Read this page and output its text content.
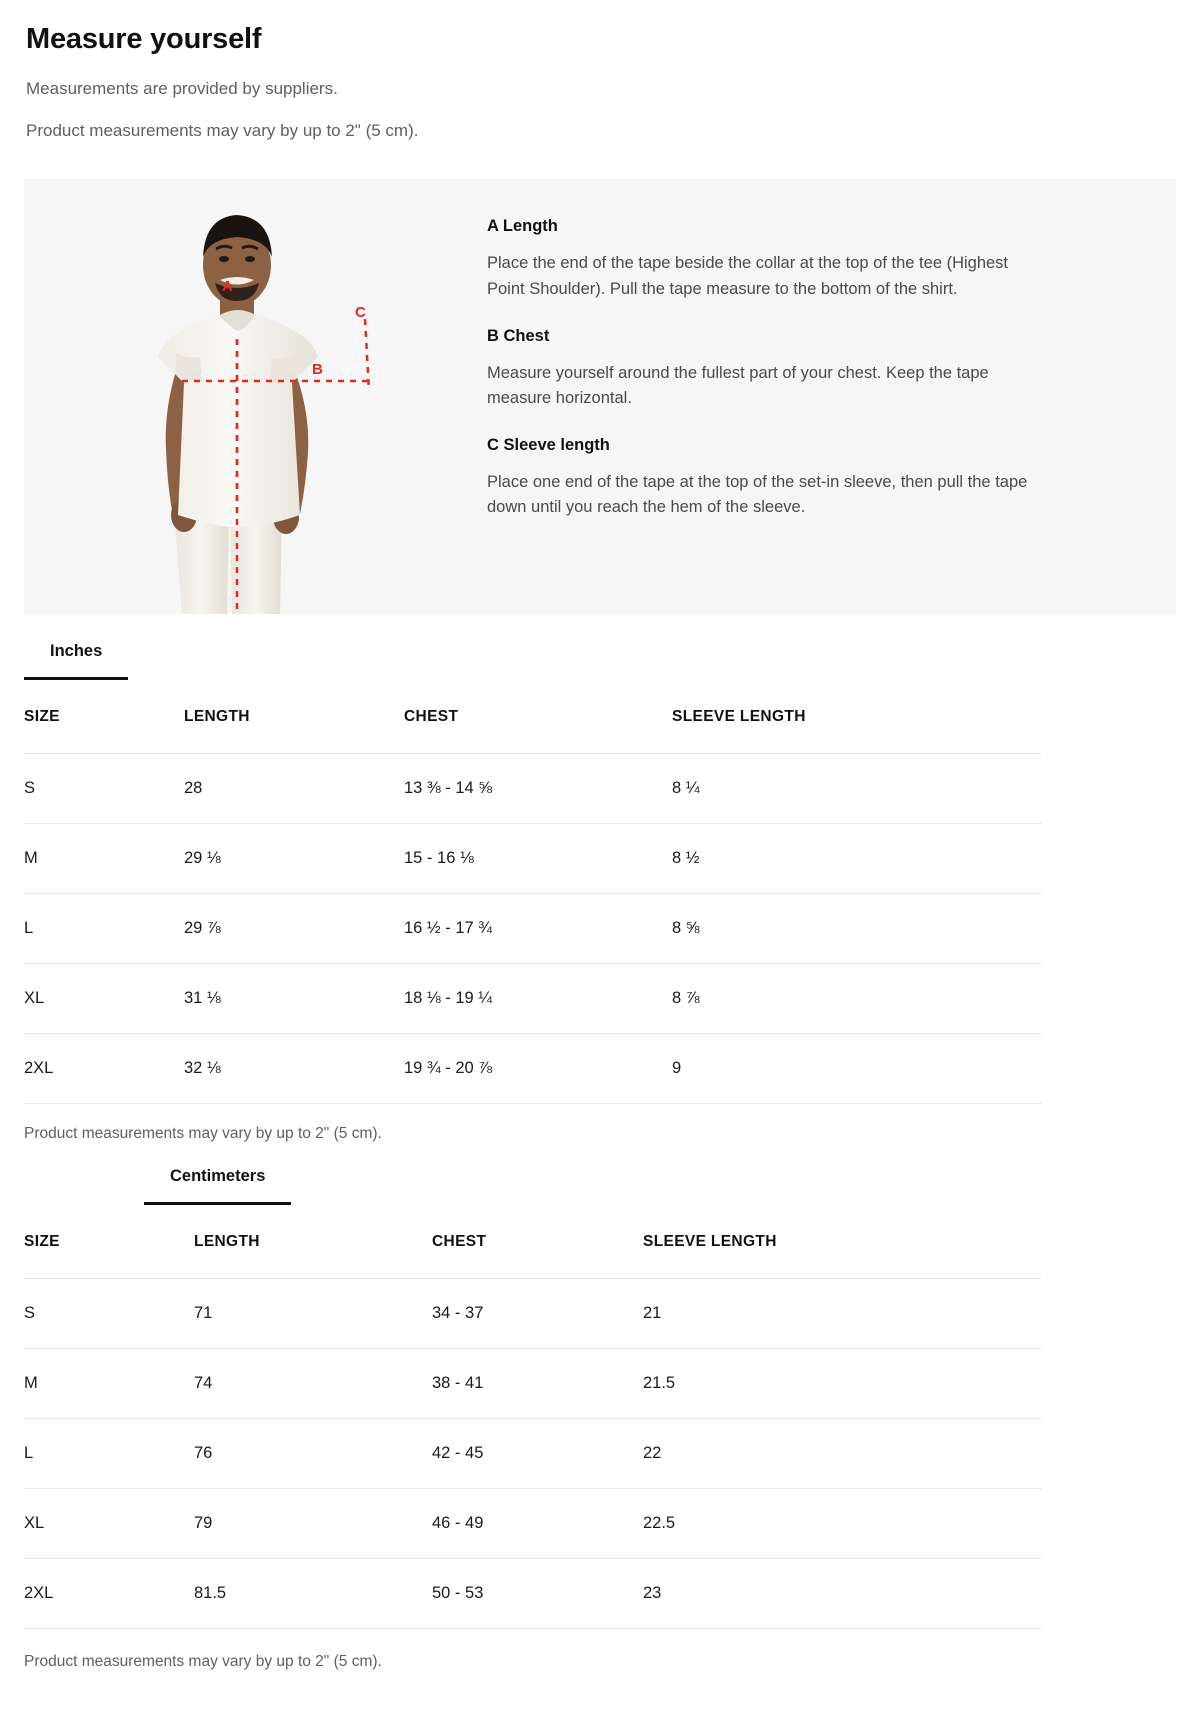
Measure yourself

Measurements are provided by suppliers.

Product measurements may vary by up to 2" (5 cm).

A
B
C
A Length

Place the end of the tape beside the collar at the top of the tee (Highest Point Shoulder). Pull the tape measure to the bottom of the shirt.

B Chest

Measure yourself around the fullest part of your chest. Keep the tape measure horizontal.

C Sleeve length

Place one end of the tape at the top of the set-in sleeve, then pull the tape down until you reach the hem of the sleeve.

Inches
SIZE	LENGTH	CHEST	SLEEVE LENGTH
S	28	13 ⅜ - 14 ⅝	8 ¼
M	29 ⅛	15 - 16 ⅛	8 ½
L	29 ⅞	16 ½ - 17 ¾	8 ⅝
XL	31 ⅛	18 ⅛ - 19 ¼	8 ⅞
2XL	32 ⅛	19 ¾ - 20 ⅞	9

Product measurements may vary by up to 2" (5 cm).

Centimeters
SIZE	LENGTH	CHEST	SLEEVE LENGTH
S	71	34 - 37	21
M	74	38 - 41	21.5
L	76	42 - 45	22
XL	79	46 - 49	22.5
2XL	81.5	50 - 53	23

Product measurements may vary by up to 2" (5 cm).
